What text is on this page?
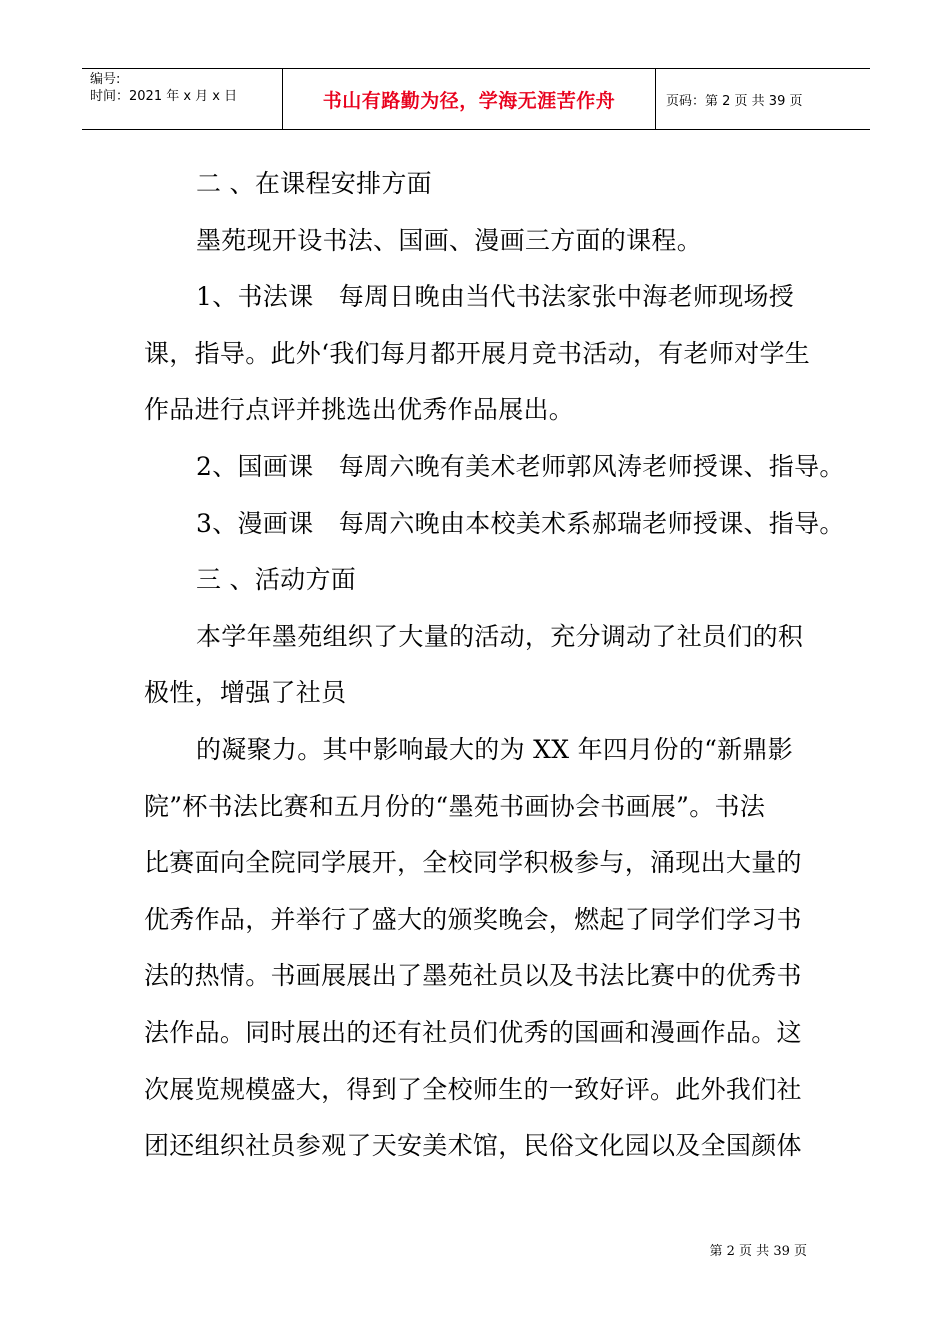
编号:
时间：2021 年 x 月 x 日	书山有路勤为径，学海无涯苦作舟	页码：第 2 页 共 39 页

二 、在课程安排方面

墨苑现开设书法、国画、漫画三方面的课程。

1、书法课　每周日晚由当代书法家张中海老师现场授

课，指导。此外‘我们每月都开展月竞书活动，有老师对学生

作品进行点评并挑选出优秀作品展出。

2、国画课　每周六晚有美术老师郭风涛老师授课、指导。

3、漫画课　每周六晚由本校美术系郝瑞老师授课、指导。

三 、活动方面

本学年墨苑组织了大量的活动，充分调动了社员们的积

极性，增强了社员

的凝聚力。其中影响最大的为 XX 年四月份的“新鼎影

院”杯书法比赛和五月份的“墨苑书画协会书画展”。书法

比赛面向全院同学展开，全校同学积极参与，涌现出大量的

优秀作品，并举行了盛大的颁奖晚会，燃起了同学们学习书

法的热情。书画展展出了墨苑社员以及书法比赛中的优秀书

法作品。同时展出的还有社员们优秀的国画和漫画作品。这

次展览规模盛大，得到了全校师生的一致好评。此外我们社

团还组织社员参观了天安美术馆，民俗文化园以及全国颜体

第 2 页 共 39 页
